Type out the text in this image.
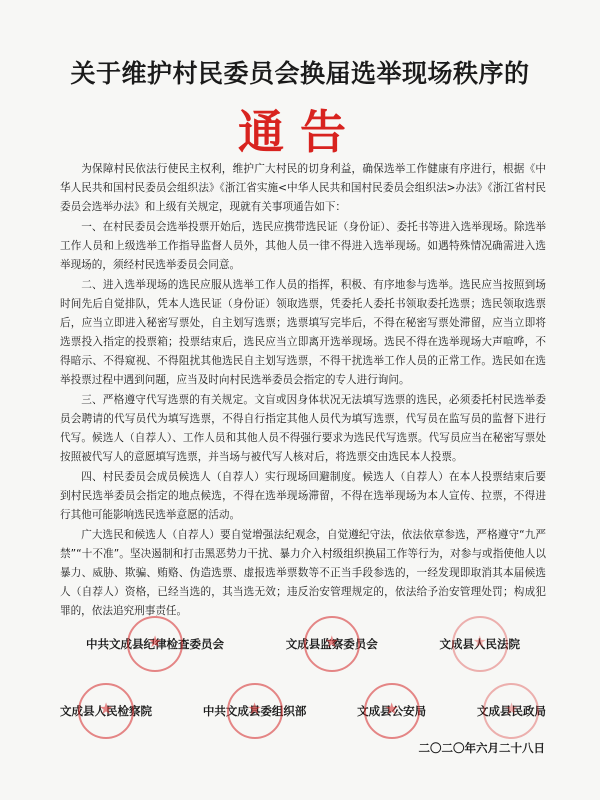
关于维护村民委员会换届选举现场秩序的
通告

为保障村民依法行使民主权利，维护广大村民的切身利益，确保选举工作健康有序进行，根据《中华人民共和国村民委员会组织法》《浙江省实施<中华人民共和国村民委员会组织法>办法》《浙江省村民委员会选举办法》和上级有关规定，现就有关事项通告如下：

一、在村民委员会选举投票开始后，选民应携带选民证（身份证）、委托书等进入选举现场。除选举工作人员和上级选举工作指导监督人员外，其他人员一律不得进入选举现场。如遇特殊情况确需进入选举现场的，须经村民选举委员会同意。

二、进入选举现场的选民应服从选举工作人员的指挥，积极、有序地参与选举。选民应当按照到场时间先后自觉排队，凭本人选民证（身份证）领取选票，凭委托人委托书领取委托选票；选民领取选票后，应当立即进入秘密写票处，自主划写选票；选票填写完毕后，不得在秘密写票处滞留，应当立即将选票投入指定的投票箱；投票结束后，选民应当立即离开选举现场。选民不得在选举现场大声喧哗，不得暗示、不得窥视、不得阻扰其他选民自主划写选票，不得干扰选举工作人员的正常工作。选民如在选举投票过程中遇到问题，应当及时向村民选举委员会指定的专人进行询问。

三、严格遵守代写选票的有关规定。文盲或因身体状况无法填写选票的选民，必须委托村民选举委员会聘请的代写员代为填写选票，不得自行指定其他人员代为填写选票，代写员在监写员的监督下进行代写。候选人（自荐人）、工作人员和其他人员不得强行要求为选民代写选票。代写员应当在秘密写票处按照被代写人的意愿填写选票，并当场与被代写人核对后，将选票交由选民本人投票。

四、村民委员会成员候选人（自荐人）实行现场回避制度。候选人（自荐人）在本人投票结束后要到村民选举委员会指定的地点候选，不得在选举现场滞留，不得在选举现场为本人宣传、拉票，不得进行其他可能影响选民选举意愿的活动。

广大选民和候选人（自荐人）要自觉增强法纪观念，自觉遵纪守法，依法依章参选，严格遵守“九严禁”“十不准”。坚决遏制和打击黑恶势力干扰、暴力介入村级组织换届工作等行为，对参与或指使他人以暴力、威胁、欺骗、贿赂、伪造选票、虚报选举票数等不正当手段参选的，一经发现即取消其本届候选人（自荐人）资格，已经当选的，其当选无效；违反治安管理规定的，依法给予治安管理处罚；构成犯罪的，依法追究刑事责任。

★
中共文成县纪律检查委员会 ★	文成县监察委员会 ★	文成县人民法院
★
文成县人民检察院 ★	中共文成县委组织部 ★	文成县公安局 ★	文成县民政局
二〇二〇年六月二十八日
